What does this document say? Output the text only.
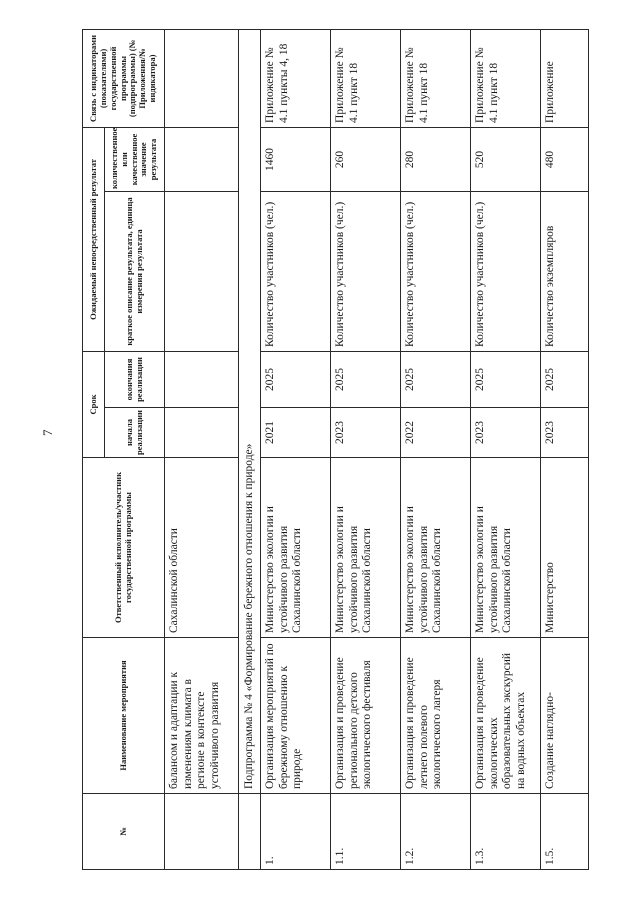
7
№	Наименование мероприятия	Ответственный исполнитель/участник государственной программы	Срок		Ожидаемый непосредственный результат		Связь с индикаторами (показателями) государственной программы (подпрограммы) (№ Приложения/№ индикатора)
			начала реализации	окончания реализации	краткое описание результата, единица измерения результата	количественное или качественное значение результата	
	балансом и адаптации к изменениям климата в регионе в контексте устойчивого развития	Сахалинской области					
	Подпрограмма № 4 «Формирование бережного отношения к природе»						
1.	Организация мероприятий по бережному отношению к природе	Министерство экологии и устойчивого развития Сахалинской области	2021	2025	Количество участников (чел.)	1460	Приложение № 4.1 пункты 4, 18
1.1.	Организация и проведение регионального детского экологического фестиваля	Министерство экологии и устойчивого развития Сахалинской области	2023	2025	Количество участников (чел.)	260	Приложение № 4.1 пункт 18
1.2.	Организация и проведение летнего полевого экологического лагеря	Министерство экологии и устойчивого развития Сахалинской области	2022	2025	Количество участников (чел.)	280	Приложение № 4.1 пункт 18
1.3.	Организация и проведение экологических образовательных экскурсий на водных объектах	Министерство экологии и устойчивого развития Сахалинской области	2023	2025	Количество участников (чел.)	520	Приложение № 4.1 пункт 18
1.5.	Создание наглядно-	Министерство	2023	2025	Количество экземпляров	480	Приложение
